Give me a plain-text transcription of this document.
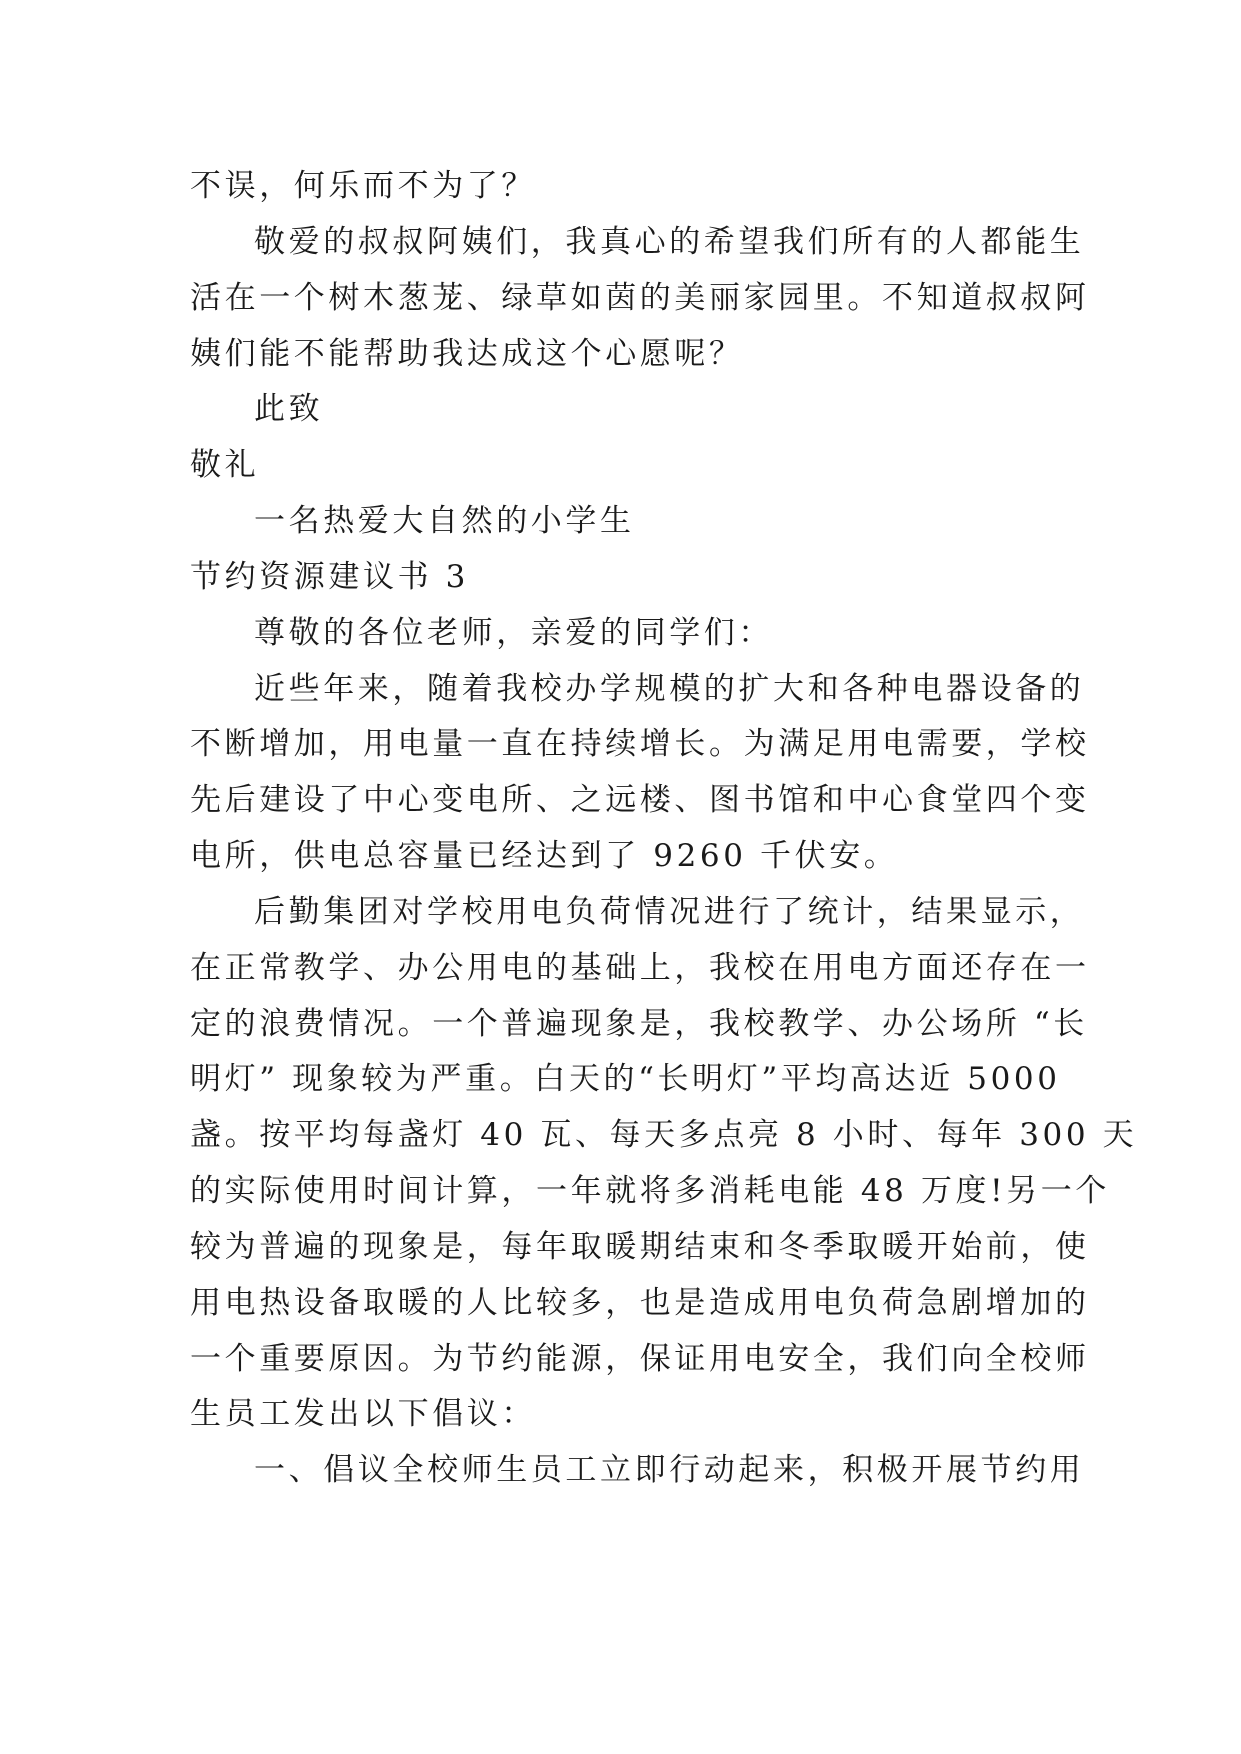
不误，何乐而不为了？
敬爱的叔叔阿姨们，我真心的希望我们所有的人都能生
活在一个树木葱茏、绿草如茵的美丽家园里。不知道叔叔阿
姨们能不能帮助我达成这个心愿呢？
此致
敬礼
一名热爱大自然的小学生
节约资源建议书 3
尊敬的各位老师，亲爱的同学们：
近些年来，随着我校办学规模的扩大和各种电器设备的
不断增加，用电量一直在持续增长。为满足用电需要，学校
先后建设了中心变电所、之远楼、图书馆和中心食堂四个变
电所，供电总容量已经达到了 9260 千伏安。
后勤集团对学校用电负荷情况进行了统计，结果显示，
在正常教学、办公用电的基础上，我校在用电方面还存在一
定的浪费情况。一个普遍现象是，我校教学、办公场所 “长
明灯” 现象较为严重。白天的“长明灯”平均高达近 5000
盏。按平均每盏灯 40 瓦、每天多点亮 8 小时、每年 300 天
的实际使用时间计算，一年就将多消耗电能 48 万度!另一个
较为普遍的现象是，每年取暖期结束和冬季取暖开始前，使
用电热设备取暖的人比较多，也是造成用电负荷急剧增加的
一个重要原因。为节约能源，保证用电安全，我们向全校师
生员工发出以下倡议：
一、倡议全校师生员工立即行动起来，积极开展节约用
